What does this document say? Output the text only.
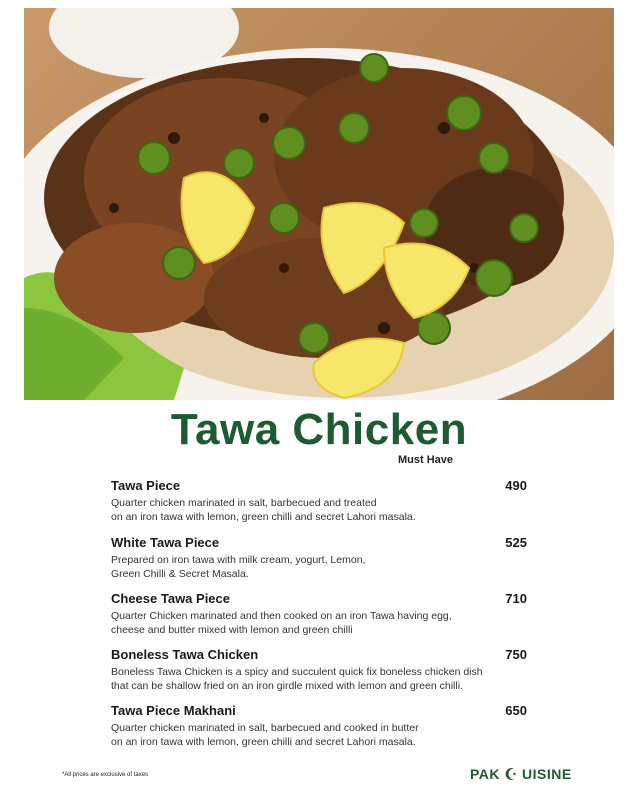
Tawa Chicken
Must Have
Tawa Piece	490
Quarter chicken marinated in salt, barbecued and treated
on an iron tawa with lemon, green chilli and secret Lahori masala.
White Tawa Piece	525
Prepared on iron tawa with milk cream, yogurt, Lemon,
Green Chilli & Secret Masala.
Cheese Tawa Piece	710
Quarter Chicken marinated and then cooked on an iron Tawa having egg,
cheese and butter mixed with lemon and green chilli
Boneless Tawa Chicken	750
Boneless Tawa Chicken is a spicy and succulent quick fix boneless chicken dish
that can be shallow fried on an iron girdle mixed with lemon and green chilli.
Tawa Piece Makhani	650
Quarter chicken marinated in salt, barbecued and cooked in butter
on an iron tawa with lemon, green chilli and secret Lahori masala.
*All prices are exclusive of taxes	PAK UISINE
